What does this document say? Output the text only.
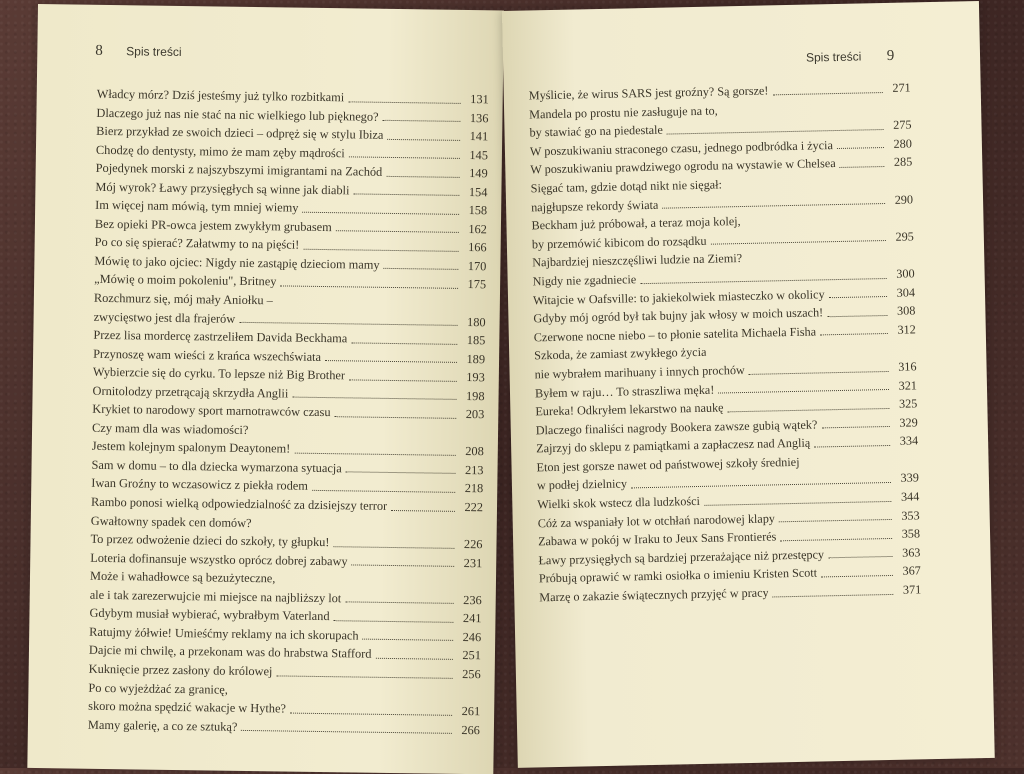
8 Spis treści
Władcy mórz? Dziś jesteśmy już tylko rozbitkami	131
Dlaczego już nas nie stać na nic wielkiego lub pięknego?	136
Bierz przykład ze swoich dzieci – odpręż się w stylu Ibiza	141
Chodzę do dentysty, mimo że mam zęby mądrości	145
Pojedynek morski z najszybszymi imigrantami na Zachód	149
Mój wyrok? Ławy przysięgłych są winne jak diabli	154
Im więcej nam mówią, tym mniej wiemy	158
Bez opieki PR-owca jestem zwykłym grubasem	162
Po co się spierać? Załatwmy to na pięści!	166
Mówię to jako ojciec: Nigdy nie zastąpię dzieciom mamy	170
„Mówię o moim pokoleniu", Britney	175
Rozchmurz się, mój mały Aniołku –
zwycięstwo jest dla frajerów	180
Przez lisa mordercę zastrzeliłem Davida Beckhama	185
Przynoszę wam wieści z krańca wszechświata	189
Wybierzcie się do cyrku. To lepsze niż Big Brother	193
Ornitolodzy przetrącają skrzydła Anglii	198
Krykiet to narodowy sport marnotrawców czasu	203
Czy mam dla was wiadomości?
Jestem kolejnym spalonym Deaytonem!	208
Sam w domu – to dla dziecka wymarzona sytuacja	213
Iwan Groźny to wczasowicz z piekła rodem	218
Rambo ponosi wielką odpowiedzialność za dzisiejszy terror	222
Gwałtowny spadek cen domów?
To przez odwożenie dzieci do szkoły, ty głupku!	226
Loteria dofinansuje wszystko oprócz dobrej zabawy	231
Może i wahadłowce są bezużyteczne,
ale i tak zarezerwujcie mi miejsce na najbliższy lot	236
Gdybym musiał wybierać, wybrałbym Vaterland	241
Ratujmy żółwie! Umieśćmy reklamy na ich skorupach	246
Dajcie mi chwilę, a przekonam was do hrabstwa Stafford	251
Kuknięcie przez zasłony do królowej	256
Po co wyjeżdżać za granicę,
skoro można spędzić wakacje w Hythe?	261
Mamy galerię, a co ze sztuką?	266
Spis treści 9
Myślicie, że wirus SARS jest groźny? Są gorsze!	271
Mandela po prostu nie zasługuje na to,
by stawiać go na piedestale	275
W poszukiwaniu straconego czasu, jednego podbródka i życia	280
W poszukiwaniu prawdziwego ogrodu na wystawie w Chelsea	285
Sięgać tam, gdzie dotąd nikt nie sięgał:
najgłupsze rekordy świata	290
Beckham już próbował, a teraz moja kolej,
by przemówić kibicom do rozsądku	295
Najbardziej nieszczęśliwi ludzie na Ziemi?
Nigdy nie zgadniecie	300
Witajcie w Oafsville: to jakiekolwiek miasteczko w okolicy	304
Gdyby mój ogród był tak bujny jak włosy w moich uszach!	308
Czerwone nocne niebo – to płonie satelita Michaela Fisha	312
Szkoda, że zamiast zwykłego życia
nie wybrałem marihuany i innych prochów	316
Byłem w raju… To straszliwa męka!	321
Eureka! Odkryłem lekarstwo na naukę	325
Dlaczego finaliści nagrody Bookera zawsze gubią wątek?	329
Zajrzyj do sklepu z pamiątkami a zapłaczesz nad Anglią	334
Eton jest gorsze nawet od państwowej szkoły średniej
w podłej dzielnicy	339
Wielki skok wstecz dla ludzkości	344
Cóż za wspaniały lot w otchłań narodowej klapy	353
Zabawa w pokój w Iraku to Jeux Sans Frontierés	358
Ławy przysięgłych są bardziej przerażające niż przestępcy	363
Próbują oprawić w ramki osiołka o imieniu Kristen Scott	367
Marzę o zakazie świątecznych przyjęć w pracy	371
